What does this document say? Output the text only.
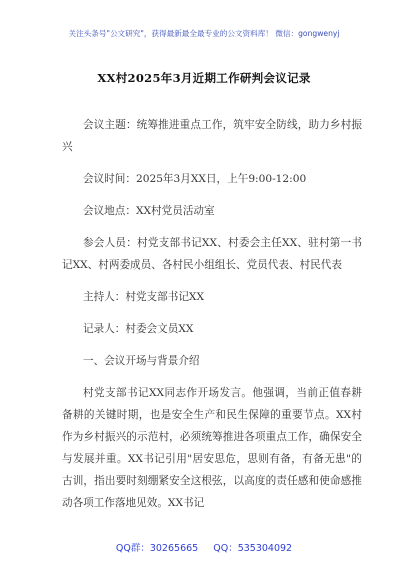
关注头条号"公文研究"，获得最新最全最专业的公文资料库！ 微信：gongwenyj
XX村2025年3月近期工作研判会议记录

会议主题：统筹推进重点工作，筑牢安全防线，助力乡村振兴

会议时间：2025年3月XX日，上午9:00-12:00

会议地点：XX村党员活动室

参会人员：村党支部书记XX、村委会主任XX、驻村第一书记XX、村两委成员、各村民小组组长、党员代表、村民代表

主持人：村党支部书记XX

记录人：村委会文员XX

一、会议开场与背景介绍

村党支部书记XX同志作开场发言。他强调，当前正值春耕备耕的关键时期，也是安全生产和民生保障的重要节点。XX村作为乡村振兴的示范村，必须统筹推进各项重点工作，确保安全与发展并重。XX书记引用"居安思危，思则有备，有备无患"的古训，指出要时刻绷紧安全这根弦，以高度的责任感和使命感推动各项工作落地见效。XX书记

QQ群：30265665 QQ：535304092
